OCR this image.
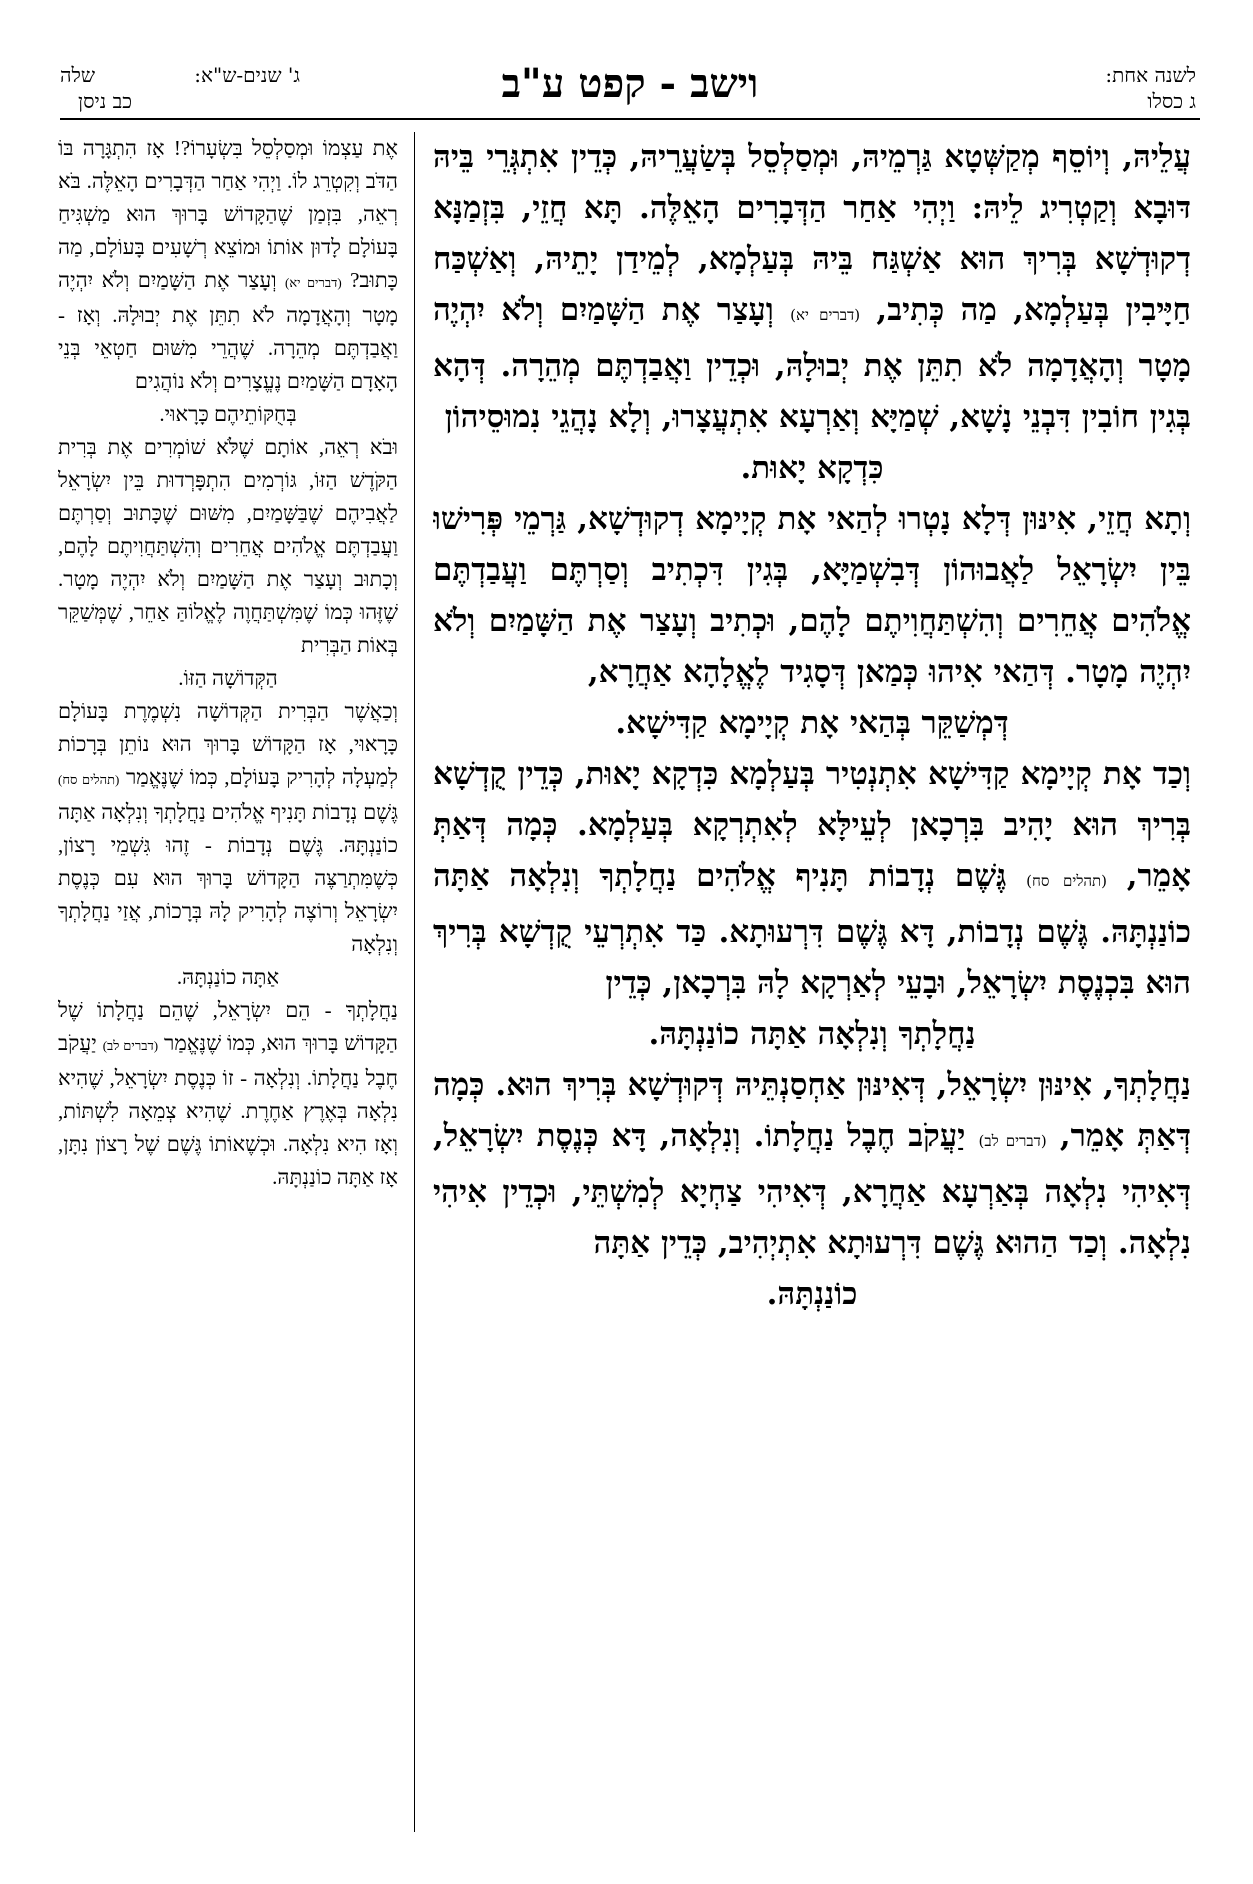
לשנה אחת:
ג כסלו
וישב - קפט ע"ב
ג' שנים-ש"א:
שלה
כב ניסן

עֲלֵיהּ, וְיוֹסֵף מְקַשְּׁטָא גַּרְמֵיהּ, וּמְסַלְסֵל בְּשַׂעֲרֵיהּ, כְּדֵין אִתְגְּרֵי בֵּיהּ דּוּבָא וְקַטְרִיג לֵיהּ: וַיְהִי אַחַר הַדְּבָרִים הָאֵלֶּה. תָּא חֲזֵי, בִּזְמַנָּא דְקוּדְשָׁא בְּרִיךְ הוּא אַשְׁגַּח בֵּיהּ בְּעַלְמָא, לְמֵידַן יָתֵיהּ, וְאַשְׁכַּח חַיָּיבִין בְּעַלְמָא, מַה כְּתִיב, (דברים יא) וְעָצַר אֶת הַשָּׁמַיִם וְלֹא יִהְיֶה מָטָר וְהָאֲדָמָה לֹא תִתֵּן אֶת יְבוּלָהּ, וּכְדֵין וַאֲבַדְתֶּם מְהֵרָה. דְּהָא בְּגִין חוֹבִין דִּבְנֵי נָשָׁא, שְׁמַיָּא וְאַרְעָא אִתְעֲצָרוּ, וְלָא נָהֲגֵי נִמוּסֵיהוֹן

כִּדְקָא יָאוּת.

וְתָא חֲזֵי, אִינּוּן דְּלָא נָטְרוּ לְהַאי אָת קְיָימָא דְקוּדְשָׁא, גַּרְמֵי פְּרִישׁוּ בֵּין יִשְׂרָאֵל לַאֲבוּהוֹן דְּבִשְׁמַיָּא, בְּגִין דִּכְתִיב וְסַרְתֶּם וַעֲבַדְתֶּם אֱלֹהִים אֲחֵרִים וְהִשְׁתַּחֲוִיתֶם לָהֶם, וּכְתִיב וְעָצַר אֶת הַשָּׁמַיִם וְלֹא יִהְיֶה מָטָר. דְּהַאי אִיהוּ כְּמַאן דְּסָגִיד לֶאֱלָהָא אַחֲרָא,

דְּמְשַׁקֵּר בְּהַאי אָת קְיָימָא קַדִּישָׁא.

וְכַד אָת קְיָימָא קַדִּישָׁא אִתְנְטִיר בְּעַלְמָא כִּדְקָא יָאוּת, כְּדֵין קֻדְשָׁא בְּרִיךְ הוּא יָהִיב בִּרְכָאן לְעֵילָּא לְאִתְרְקָא בְּעַלְמָא. כְּמָה דְּאַתְּ אָמֵר, (תהלים סח) גֶּשֶׁם נְדָבוֹת תָּנִיף אֱלֹהִים נַחֲלָתְךָ וְנִלְאָה אַתָּה כוֹנַנְתָּהּ. גֶּשֶׁם נְדָבוֹת, דָּא גֶּשֶׁם דִּרְעוּתָא. כַּד אִתְרְעֵי קֻדְשָׁא בְּרִיךְ הוּא בִּכְנֶסֶת יִשְׂרָאֵל, וּבָעֵי לְאַרְקָא לָהּ בִּרְכָאן, כְּדֵין

נַחֲלָתְךָ וְנִלְאָה אַתָּה כוֹנַנְתָּהּ.

נַחֲלָתְךָ, אִינּוּן יִשְׂרָאֵל, דְּאִינּוּן אַחְסַנְתֵּיהּ דְּקוּדְשָׁא בְּרִיךְ הוּא. כְּמָה דְּאַתְּ אָמֵר, (דברים לב) יַעֲקֹב חֶבֶל נַחֲלָתוֹ. וְנִלְאָה, דָּא כְּנֶסֶת יִשְׂרָאֵל, דְּאִיהִי נִלְאָה בְּאַרְעָא אַחֲרָא, דְּאִיהִי צַחְיָא לְמִשְׁתֵּי, וּכְדֵין אִיהִי נִלְאָה. וְכַד הַהוּא גֶּשֶׁם דִּרְעוּתָא אִתְיְהִיב, כְּדֵין אַתָּה

כוֹנַנְתָּהּ.

אֶת עַצְמוֹ וּמְסַלְסֵל בִּשְׂעָרוֹ?! אָז הִתְגָּרָה בּוֹ הַדֹּב וְקִטְרֵג לוֹ. וַיְהִי אַחַר הַדְּבָרִים הָאֵלֶּה. בֹּא רְאֵה, בִּזְמַן שֶׁהַקָּדוֹשׁ בָּרוּךְ הוּא מַשְׁגִּיחַ בָּעוֹלָם לָדוּן אוֹתוֹ וּמוֹצֵא רְשָׁעִים בָּעוֹלָם, מַה כָּתוּב? (דברים יא) וְעָצַר אֶת הַשָּׁמַיִם וְלֹא יִהְיֶה מָטָר וְהָאֲדָמָה לֹא תִתֵּן אֶת יְבוּלָהּ. וְאָז - וַאֲבַדְתֶּם מְהֵרָה. שֶׁהֲרֵי מִשּׁוּם חַטְאֵי בְּנֵי הָאָדָם הַשָּׁמַיִם נֶעֱצָרִים וְלֹא נוֹהֲגִים

בְּחֻקּוֹתֵיהֶם כָּרָאוּי.

וּבֹא רְאֵה, אוֹתָם שֶׁלֹּא שׁוֹמְרִים אֶת בְּרִית הַקֹּדֶשׁ הַזּוֹ, גּוֹרְמִים הִתְפָּרְדוּת בֵּין יִשְׂרָאֵל לַאֲבִיהֶם שֶׁבַּשָּׁמַיִם, מִשּׁוּם שֶׁכָּתוּב וְסַרְתֶּם וַעֲבַדְתֶּם אֱלֹהִים אֲחֵרִים וְהִשְׁתַּחֲוִיתֶם לָהֶם, וְכָתוּב וְעָצַר אֶת הַשָּׁמַיִם וְלֹא יִהְיֶה מָטָר. שֶׁזֶּהוּ כְּמוֹ שֶׁמִּשְׁתַּחֲוֶה לֶאֱלוֹהַּ אַחֵר, שֶׁמְּשַׁקֵּר בְּאוֹת הַבְּרִית

הַקְּדוֹשָׁה הַזּוֹ.

וְכַאֲשֶׁר הַבְּרִית הַקְּדוֹשָׁה נִשְׁמֶרֶת בָּעוֹלָם כָּרָאוּי, אָז הַקָּדוֹשׁ בָּרוּךְ הוּא נוֹתֵן בְּרָכוֹת לְמַעְלָה לְהָרִיק בָּעוֹלָם, כְּמוֹ שֶׁנֶּאֱמַר (תהלים סח) גֶּשֶׁם נְדָבוֹת תָּנִיף אֱלֹהִים נַחֲלָתְךָ וְנִלְאָה אַתָּה כוֹנַנְתָּהּ. גֶּשֶׁם נְדָבוֹת - זֶהוּ גִּשְׁמֵי רָצוֹן, כְּשֶׁמִּתְרַצֶּה הַקָּדוֹשׁ בָּרוּךְ הוּא עִם כְּנֶסֶת יִשְׂרָאֵל וְרוֹצֶה לְהָרִיק לָהּ בְּרָכוֹת, אֲזַי נַחֲלָתְךָ וְנִלְאָה

אַתָּה כוֹנַנְתָּהּ.

נַחֲלָתְךָ - הֵם יִשְׂרָאֵל, שֶׁהֵם נַחֲלָתוֹ שֶׁל הַקָּדוֹשׁ בָּרוּךְ הוּא, כְּמוֹ שֶׁנֶּאֱמַר (דברים לב) יַעֲקֹב חֶבֶל נַחֲלָתוֹ. וְנִלְאָה - זוֹ כְּנֶסֶת יִשְׂרָאֵל, שֶׁהִיא נִלְאָה בְּאֶרֶץ אַחֶרֶת. שֶׁהִיא צְמֵאָה לִשְׁתּוֹת, וְאָז הִיא נִלְאָה. וּכְשֶׁאוֹתוֹ גֶּשֶׁם שֶׁל רָצוֹן נִתָּן, אָז אַתָּה כוֹנַנְתָּהּ.
